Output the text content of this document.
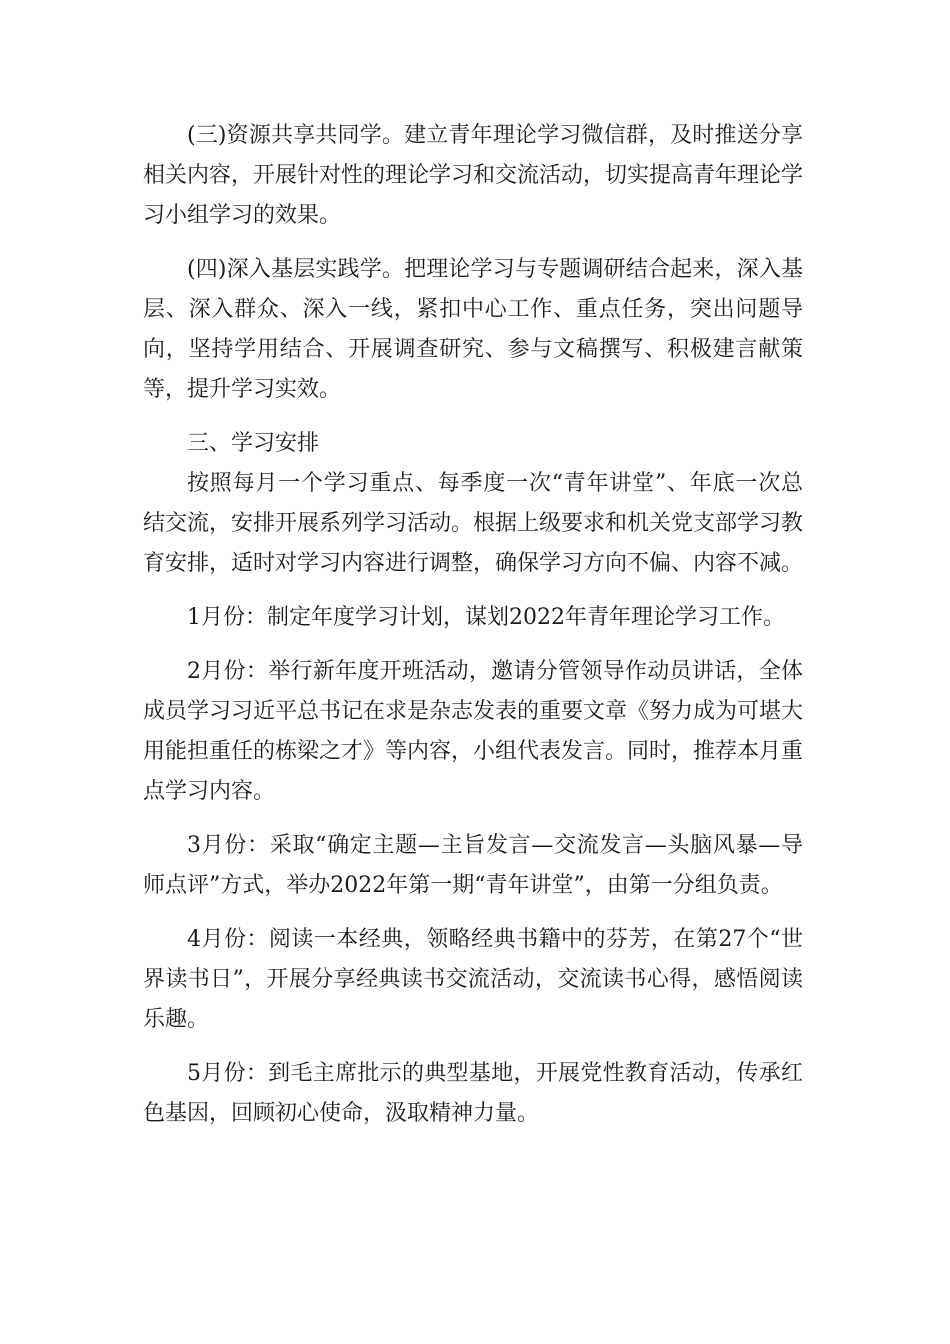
(三)资源共享共同学。建立青年理论学习微信群，及时推送分享相关内容，开展针对性的理论学习和交流活动，切实提高青年理论学习小组学习的效果。

(四)深入基层实践学。把理论学习与专题调研结合起来，深入基层、深入群众、深入一线，紧扣中心工作、重点任务，突出问题导向，坚持学用结合、开展调查研究、参与文稿撰写、积极建言献策等，提升学习实效。

三、学习安排

按照每月一个学习重点、每季度一次“青年讲堂”、年底一次总结交流，安排开展系列学习活动。根据上级要求和机关党支部学习教育安排，适时对学习内容进行调整，确保学习方向不偏、内容不减。

1月份：制定年度学习计划，谋划2022年青年理论学习工作。

2月份：举行新年度开班活动，邀请分管领导作动员讲话，全体成员学习习近平总书记在求是杂志发表的重要文章《努力成为可堪大用能担重任的栋梁之才》等内容，小组代表发言。同时，推荐本月重点学习内容。

3月份：采取“确定主题—主旨发言—交流发言—头脑风暴—导师点评”方式，举办2022年第一期“青年讲堂”，由第一分组负责。

4月份：阅读一本经典，领略经典书籍中的芬芳，在第27个“世界读书日”，开展分享经典读书交流活动，交流读书心得，感悟阅读乐趣。

5月份：到毛主席批示的典型基地，开展党性教育活动，传承红色基因，回顾初心使命，汲取精神力量。
